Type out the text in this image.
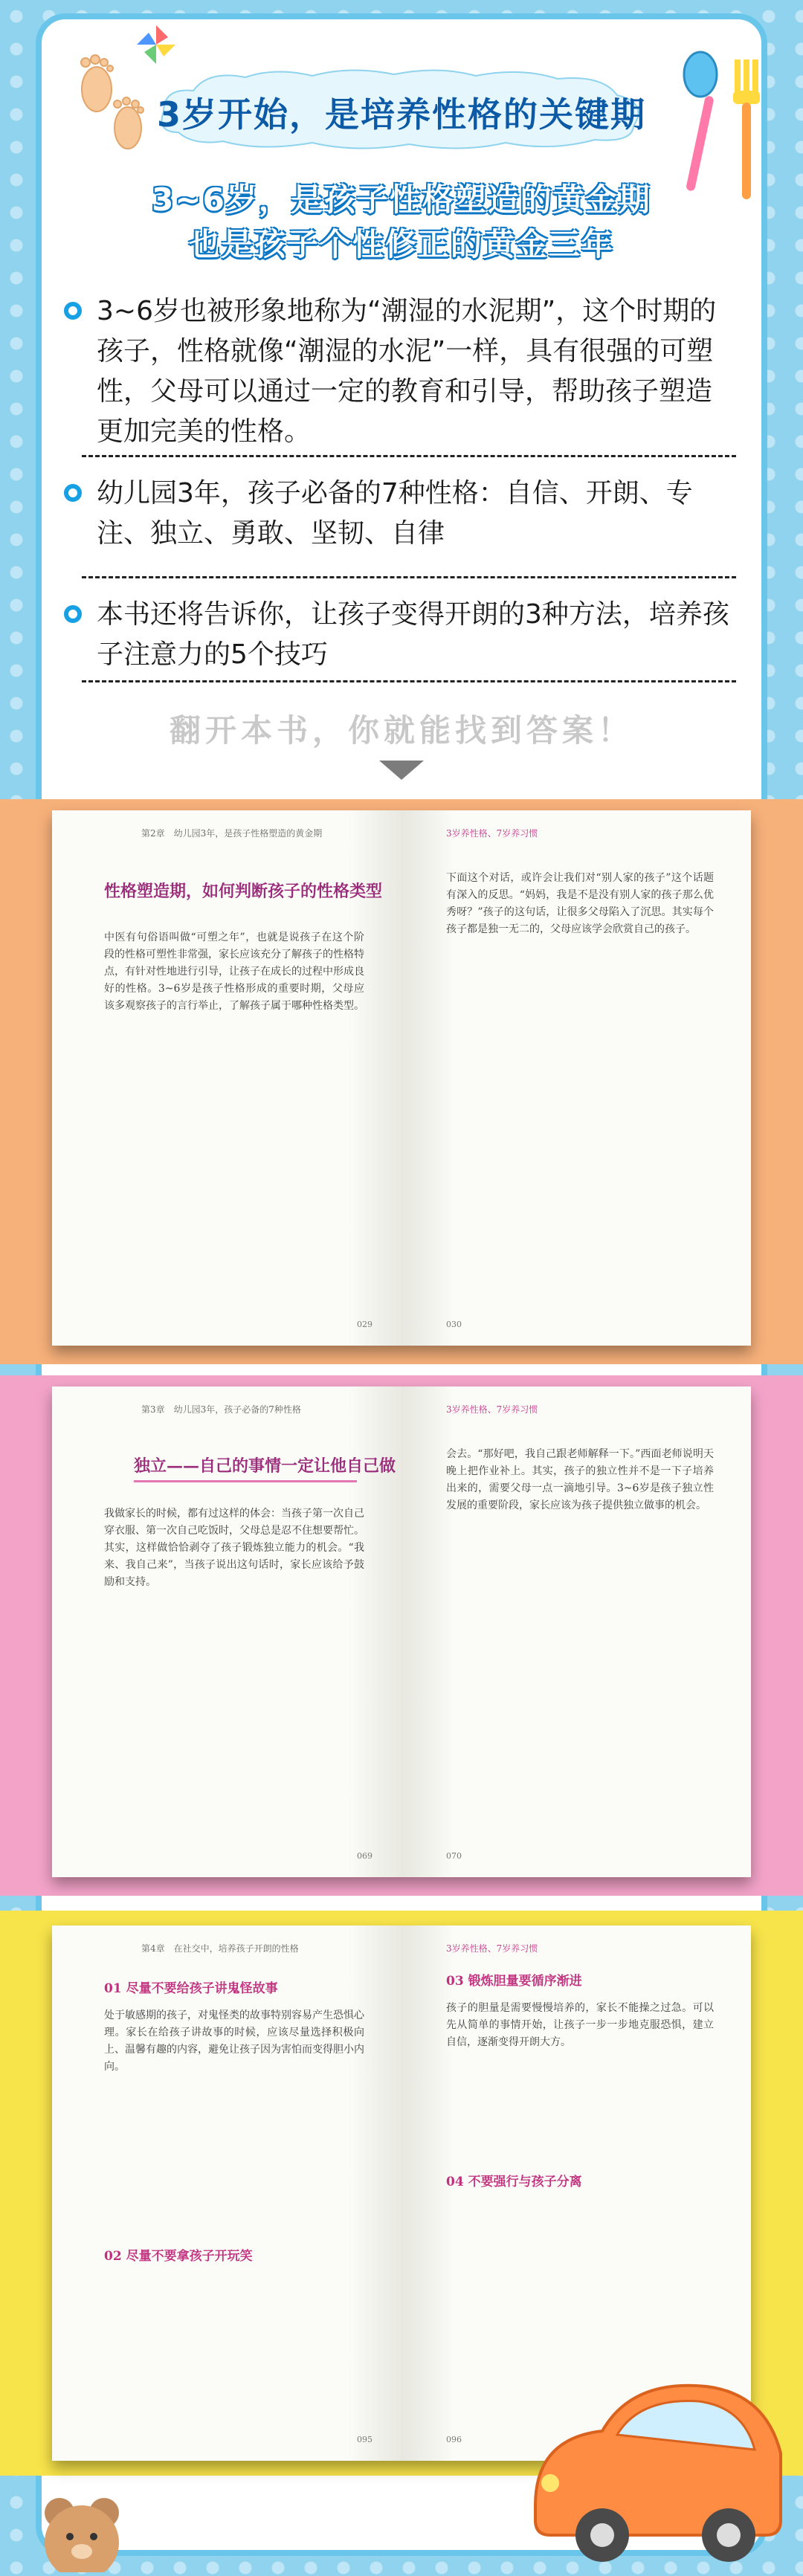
3岁开始，是培养性格的关键期
3~6岁，是孩子性格塑造的黄金期
也是孩子个性修正的黄金三年
3~6岁也被形象地称为“潮湿的水泥期”，这个时期的孩子，性格就像“潮湿的水泥”一样，具有很强的可塑性，父母可以通过一定的教育和引导，帮助孩子塑造更加完美的性格。
幼儿园3年，孩子必备的7种性格：自信、开朗、专注、独立、勇敢、坚韧、自律
本书还将告诉你，让孩子变得开朗的3种方法，培养孩子注意力的5个技巧
翻开本书，你就能找到答案！
第2章　幼儿园3年，是孩子性格塑造的黄金期
性格塑造期，如何判断孩子的性格类型
中医有句俗语叫做“可塑之年”，也就是说孩子在这个阶段的性格可塑性非常强，家长应该充分了解孩子的性格特点，有针对性地进行引导，让孩子在成长的过程中形成良好的性格。3~6岁是孩子性格形成的重要时期，父母应该多观察孩子的言行举止，了解孩子属于哪种性格类型。
029
3岁养性格、7岁养习惯
下面这个对话，或许会让我们对“别人家的孩子”这个话题有深入的反思。“妈妈，我是不是没有别人家的孩子那么优秀呀？”孩子的这句话，让很多父母陷入了沉思。其实每个孩子都是独一无二的，父母应该学会欣赏自己的孩子。
030
第3章　幼儿园3年，孩子必备的7种性格
独立——自己的事情一定让他自己做
我做家长的时候，都有过这样的体会：当孩子第一次自己穿衣服、第一次自己吃饭时，父母总是忍不住想要帮忙。其实，这样做恰恰剥夺了孩子锻炼独立能力的机会。“我来、我自己来”，当孩子说出这句话时，家长应该给予鼓励和支持。
069
3岁养性格、7岁养习惯
会去。“那好吧，我自己跟老师解释一下。”西面老师说明天晚上把作业补上。其实，孩子的独立性并不是一下子培养出来的，需要父母一点一滴地引导。3~6岁是孩子独立性发展的重要阶段，家长应该为孩子提供独立做事的机会。
070
第4章　在社交中，培养孩子开朗的性格
01 尽量不要给孩子讲鬼怪故事
处于敏感期的孩子，对鬼怪类的故事特别容易产生恐惧心理。家长在给孩子讲故事的时候，应该尽量选择积极向上、温馨有趣的内容，避免让孩子因为害怕而变得胆小内向。
02 尽量不要拿孩子开玩笑
095
3岁养性格、7岁养习惯
03 锻炼胆量要循序渐进
孩子的胆量是需要慢慢培养的，家长不能操之过急。可以先从简单的事情开始，让孩子一步一步地克服恐惧，建立自信，逐渐变得开朗大方。
04 不要强行与孩子分离
096
